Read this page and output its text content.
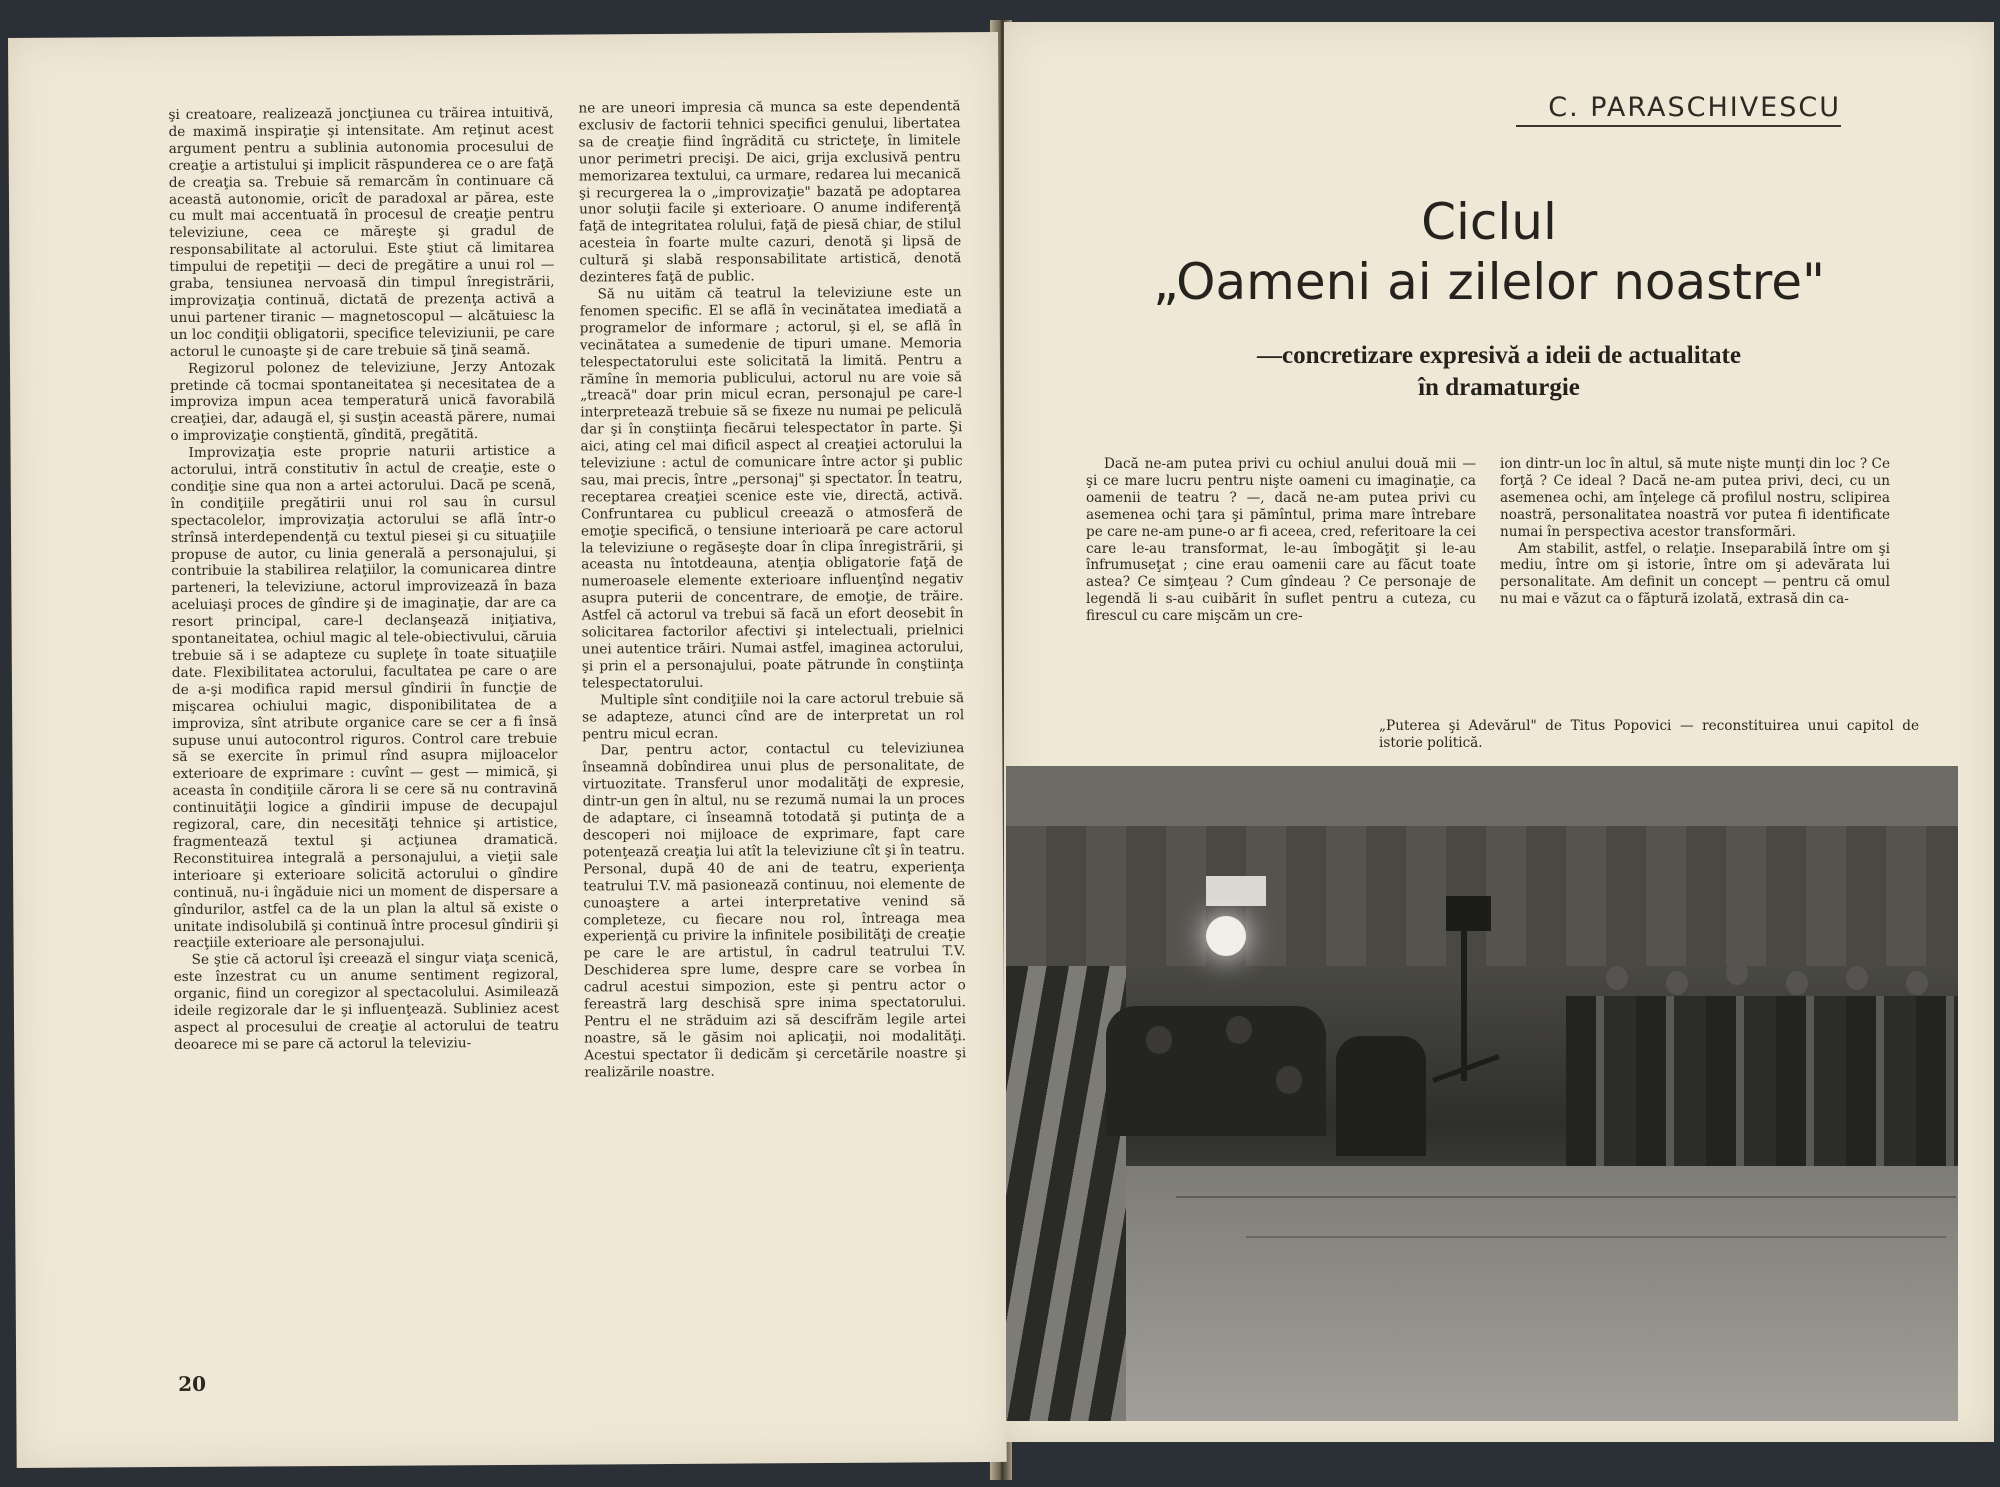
şi creatoare, realizează joncţiunea cu trăirea intuitivă, de maximă inspiraţie şi intensitate. Am reţinut acest argument pentru a sublinia autonomia procesului de creaţie a artistului şi implicit răspunderea ce o are faţă de creaţia sa. Trebuie să remarcăm în continuare că această autonomie, oricît de paradoxal ar părea, este cu mult mai accentuată în procesul de creaţie pentru televiziune, ceea ce măreşte şi gradul de responsabilitate al actorului. Este ştiut că limitarea timpului de repetiţii — deci de pregătire a unui rol — graba, tensiunea nervoasă din timpul înregistrării, improvizaţia continuă, dictată de prezenţa activă a unui partener tiranic — magnetoscopul — alcătuiesc la un loc condiţii obligatorii, specifice televiziunii, pe care actorul le cunoaşte şi de care trebuie să ţină seamă.

Regizorul polonez de televiziune, Jerzy Antozak pretinde că tocmai spontaneitatea şi necesitatea de a improviza impun acea temperatură unică favorabilă creaţiei, dar, adaugă el, şi susţin această părere, numai o improvizaţie conştientă, gîndită, pregătită.

Improvizaţia este proprie naturii artistice a actorului, intră constitutiv în actul de creaţie, este o condiţie sine qua non a artei actorului. Dacă pe scenă, în condiţiile pregătirii unui rol sau în cursul spectacolelor, improvizaţia actorului se află într-o strînsă interdependenţă cu textul piesei şi cu situaţiile propuse de autor, cu linia generală a personajului, şi contribuie la stabilirea relaţiilor, la comunicarea dintre parteneri, la televiziune, actorul improvizează în baza aceluiaşi proces de gîndire şi de imaginaţie, dar are ca resort principal, care-l declanşează iniţiativa, spontaneitatea, ochiul magic al tele-obiectivului, căruia trebuie să i se adapteze cu supleţe în toate situaţiile date. Flexibilitatea actorului, facultatea pe care o are de a-şi modifica rapid mersul gîndirii în funcţie de mişcarea ochiului magic, disponibilitatea de a improviza, sînt atribute organice care se cer a fi însă supuse unui autocontrol riguros. Control care trebuie să se exercite în primul rînd asupra mijloacelor exterioare de exprimare : cuvînt — gest — mimică, şi aceasta în condiţiile cărora li se cere să nu contravină continuităţii logice a gîndirii impuse de decupajul regizoral, care, din necesităţi tehnice şi artistice, fragmentează textul şi acţiunea dramatică. Reconstituirea integrală a personajului, a vieţii sale interioare şi exterioare solicită actorului o gîndire continuă, nu-i îngăduie nici un moment de dispersare a gîndurilor, astfel ca de la un plan la altul să existe o unitate indisolubilă şi continuă între procesul gîndirii şi reacţiile exterioare ale personajului.

Se ştie că actorul îşi creează el singur viaţa scenică, este înzestrat cu un anume sentiment regizoral, organic, fiind un coregizor al spectacolului. Asimilează ideile regizorale dar le şi influenţează. Subliniez acest aspect al procesului de creaţie al actorului de teatru deoarece mi se pare că actorul la televiziu-

ne are uneori impresia că munca sa este dependentă exclusiv de factorii tehnici specifici genului, libertatea sa de creaţie fiind îngrădită cu stricteţe, în limitele unor perimetri precişi. De aici, grija exclusivă pentru memorizarea textului, ca urmare, redarea lui mecanică şi recurgerea la o „improvizaţie" bazată pe adoptarea unor soluţii facile şi exterioare. O anume indiferenţă faţă de integritatea rolului, faţă de piesă chiar, de stilul acesteia în foarte multe cazuri, denotă şi lipsă de cultură şi slabă responsabilitate artistică, denotă dezinteres faţă de public.

Să nu uităm că teatrul la televiziune este un fenomen specific. El se află în vecinătatea imediată a programelor de informare ; actorul, şi el, se află în vecinătatea a sumedenie de tipuri umane. Memoria telespectatorului este solicitată la limită. Pentru a rămîne în memoria publicului, actorul nu are voie să „treacă" doar prin micul ecran, personajul pe care-l interpretează trebuie să se fixeze nu numai pe peliculă dar şi în conştiinţa fiecărui telespectator în parte. Şi aici, ating cel mai dificil aspect al creaţiei actorului la televiziune : actul de comunicare între actor şi public sau, mai precis, între „personaj" şi spectator. În teatru, receptarea creaţiei scenice este vie, directă, activă. Confruntarea cu publicul creează o atmosferă de emoţie specifică, o tensiune interioară pe care actorul la televiziune o regăseşte doar în clipa înregistrării, şi aceasta nu întotdeauna, atenţia obligatorie faţă de numeroasele elemente exterioare influenţînd negativ asupra puterii de concentrare, de emoţie, de trăire. Astfel că actorul va trebui să facă un efort deosebit în solicitarea factorilor afectivi şi intelectuali, prielnici unei autentice trăiri. Numai astfel, imaginea actorului, şi prin el a personajului, poate pătrunde în conştiinţa telespectatorului.

Multiple sînt condiţiile noi la care actorul trebuie să se adapteze, atunci cînd are de interpretat un rol pentru micul ecran.

Dar, pentru actor, contactul cu televiziunea înseamnă dobîndirea unui plus de personalitate, de virtuozitate. Transferul unor modalităţi de expresie, dintr-un gen în altul, nu se rezumă numai la un proces de adaptare, ci înseamnă totodată şi putinţa de a descoperi noi mijloace de exprimare, fapt care potenţează creaţia lui atît la televiziune cît şi în teatru. Personal, după 40 de ani de teatru, experienţa teatrului T.V. mă pasionează continuu, noi elemente de cunoaştere a artei interpretative venind să completeze, cu fiecare nou rol, întreaga mea experienţă cu privire la infinitele posibilităţi de creaţie pe care le are artistul, în cadrul teatrului T.V. Deschiderea spre lume, despre care se vorbea în cadrul acestui simpozion, este şi pentru actor o fereastră larg deschisă spre inima spectatorului. Pentru el ne străduim azi să descifrăm legile artei noastre, să le găsim noi aplicaţii, noi modalităţi. Acestui spectator îi dedicăm şi cercetările noastre şi realizările noastre.

20
C. PARASCHIVESCU
Ciclul
„Oameni ai zilelor noastre"
—concretizare expresivă a ideii de actualitate
în dramaturgie

Dacă ne-am putea privi cu ochiul anului două mii — şi ce mare lucru pentru nişte oameni cu imaginaţie, ca oamenii de teatru ? —, dacă ne-am putea privi cu asemenea ochi ţara şi pămîntul, prima mare întrebare pe care ne-am pune-o ar fi aceea, cred, referitoare la cei care le-au transformat, le-au îmbogăţit şi le-au înfrumuseţat ; cine erau oamenii care au făcut toate astea? Ce simţeau ? Cum gîndeau ? Ce personaje de legendă li s-au cuibărit în suflet pentru a cuteza, cu firescul cu care mişcăm un cre-

ion dintr-un loc în altul, să mute nişte munţi din loc ? Ce forţă ? Ce ideal ? Dacă ne-am putea privi, deci, cu un asemenea ochi, am înţelege că profilul nostru, sclipirea noastră, personalitatea noastră vor putea fi identificate numai în perspectiva acestor transformări.

Am stabilit, astfel, o relaţie. Inseparabilă între om şi mediu, între om şi istorie, între om şi adevărata lui personalitate. Am definit un concept — pentru că omul nu mai e văzut ca o făptură izolată, extrasă din ca-

„Puterea şi Adevărul" de Titus Popovici — reconstituirea unui capitol de istorie politică.
